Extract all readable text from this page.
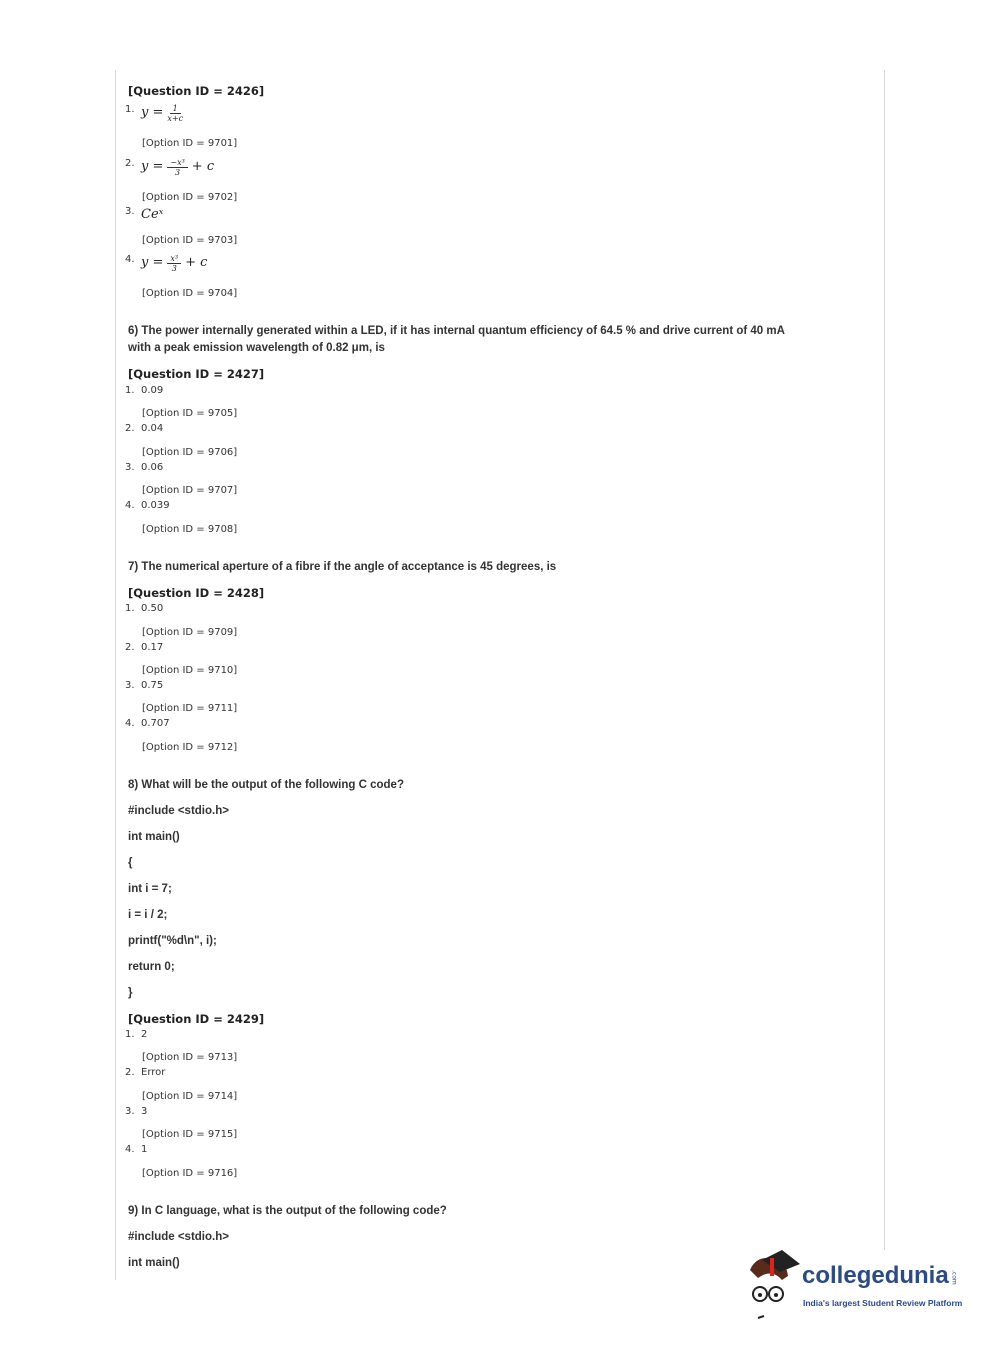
[Question ID = 2426]
1. $y = \frac{1}{x+c}$
[Option ID = 9701]
2. $y = \frac{\text{−x³}}{3} + c$
[Option ID = 9702]
3. Ceˣ
[Option ID = 9703]
4. $y = \frac{\text{x³}}{3} + c$
[Option ID = 9704]
6) The power internally generated within a LED, if it has internal quantum efficiency of 64.5 % and drive current of 40 mA
with a peak emission wavelength of 0.82 μm, is
[Question ID = 2427]
1. 0.09
[Option ID = 9705]
2. 0.04
[Option ID = 9706]
3. 0.06
[Option ID = 9707]
4. 0.039
[Option ID = 9708]
7) The numerical aperture of a fibre if the angle of acceptance is 45 degrees, is
[Question ID = 2428]
1. 0.50
[Option ID = 9709]
2. 0.17
[Option ID = 9710]
3. 0.75
[Option ID = 9711]
4. 0.707
[Option ID = 9712]
8) What will be the output of the following C code?
#include <stdio.h>
int main()
{
int i = 7;
i = i / 2;
printf("%d\n", i);
return 0;
}
[Question ID = 2429]
1. 2
[Option ID = 9713]
2. Error
[Option ID = 9714]
3. 3
[Option ID = 9715]
4. 1
[Option ID = 9716]
9) In C language, what is the output of the following code?
#include <stdio.h>
int main()	collegedunia .com
India's largest Student Review Platform
